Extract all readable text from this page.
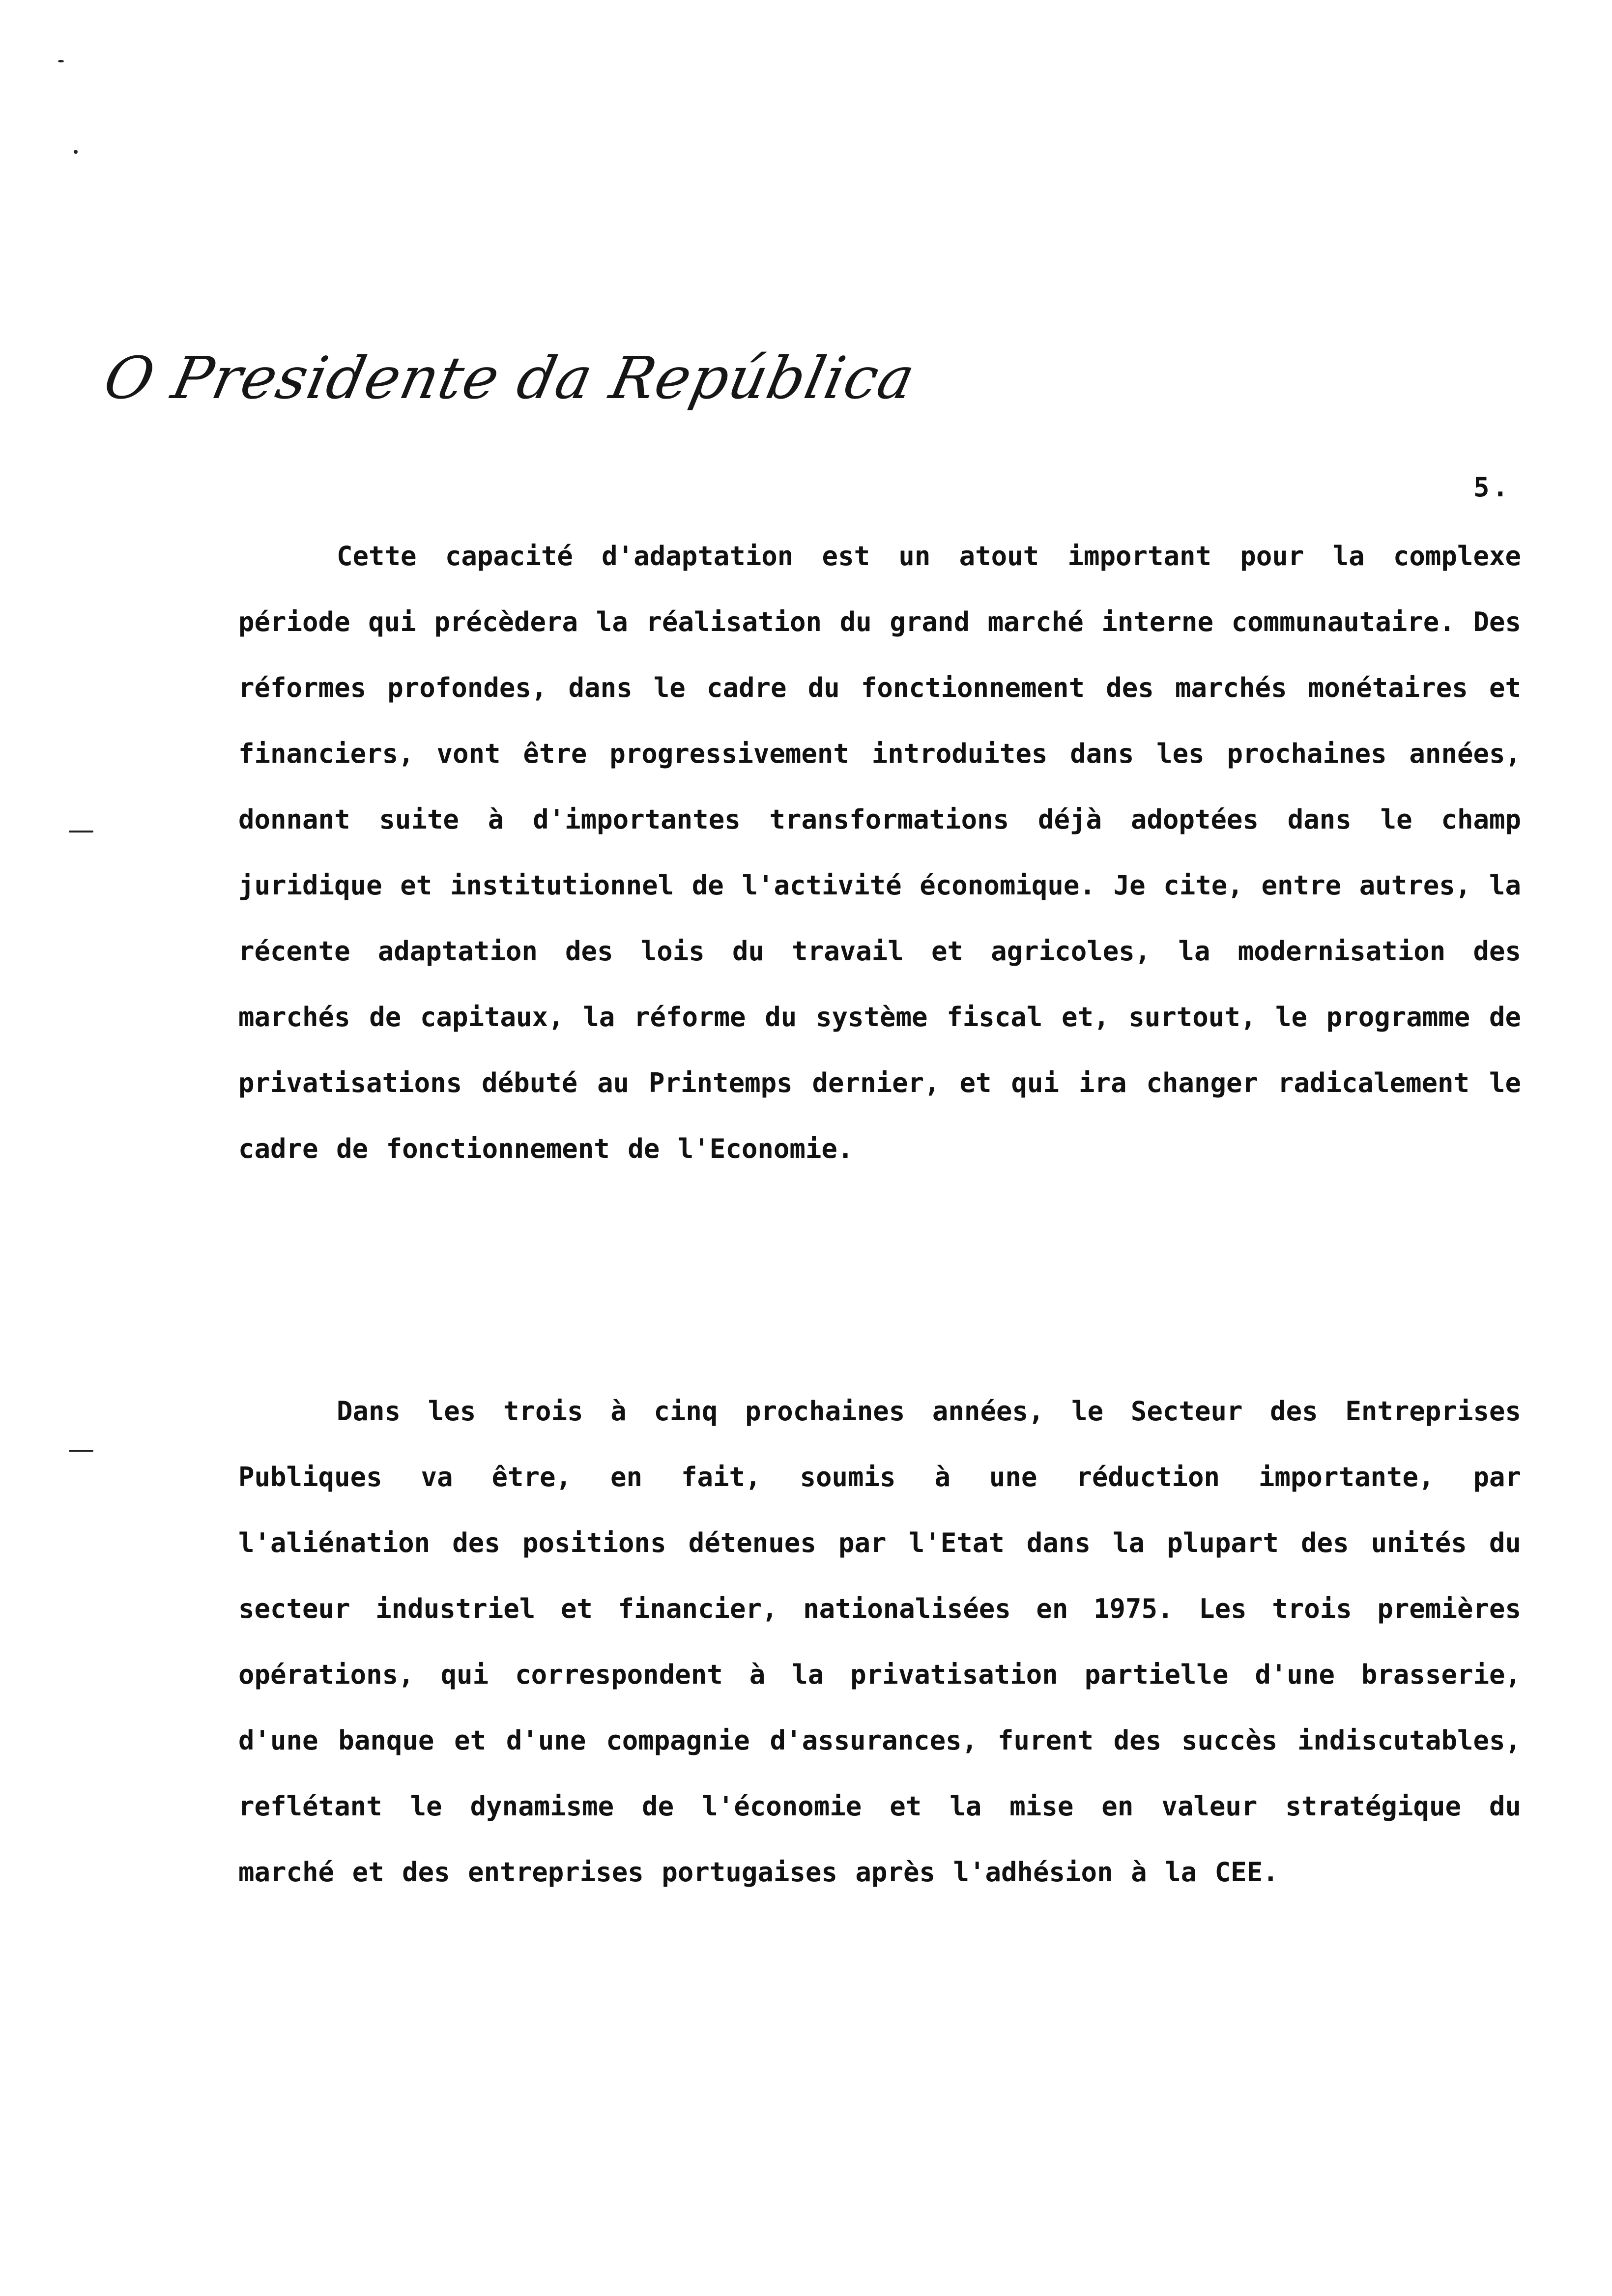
O Presidente da República
5.

Cette capacité d'adaptation est un atout important pour la complexe période qui précèdera la réalisation du grand marché interne communautaire. Des réformes profondes, dans le cadre du fonctionnement des marchés monétaires et financiers, vont être progressivement introduites dans les prochaines années, donnant suite à d'importantes transformations déjà adoptées dans le champ juridique et institutionnel de l'activité économique. Je cite, entre autres, la récente adaptation des lois du travail et agricoles, la modernisation des marchés de capitaux, la réforme du système fiscal et, surtout, le programme de privatisations débuté au Printemps dernier, et qui ira changer radicalement le cadre de fonctionnement de l'Economie.

Dans les trois à cinq prochaines années, le Secteur des Entreprises Publiques va être, en fait, soumis à une réduction importante, par l'aliénation des positions détenues par l'Etat dans la plupart des unités du secteur industriel et financier, nationalisées en 1975. Les trois premières opérations, qui correspondent à la privatisation partielle d'une brasserie, d'une banque et d'une compagnie d'assurances, furent des succès indiscutables, reflétant le dynamisme de l'économie et la mise en valeur stratégique du marché et des entreprises portugaises après l'adhésion à la CEE.
